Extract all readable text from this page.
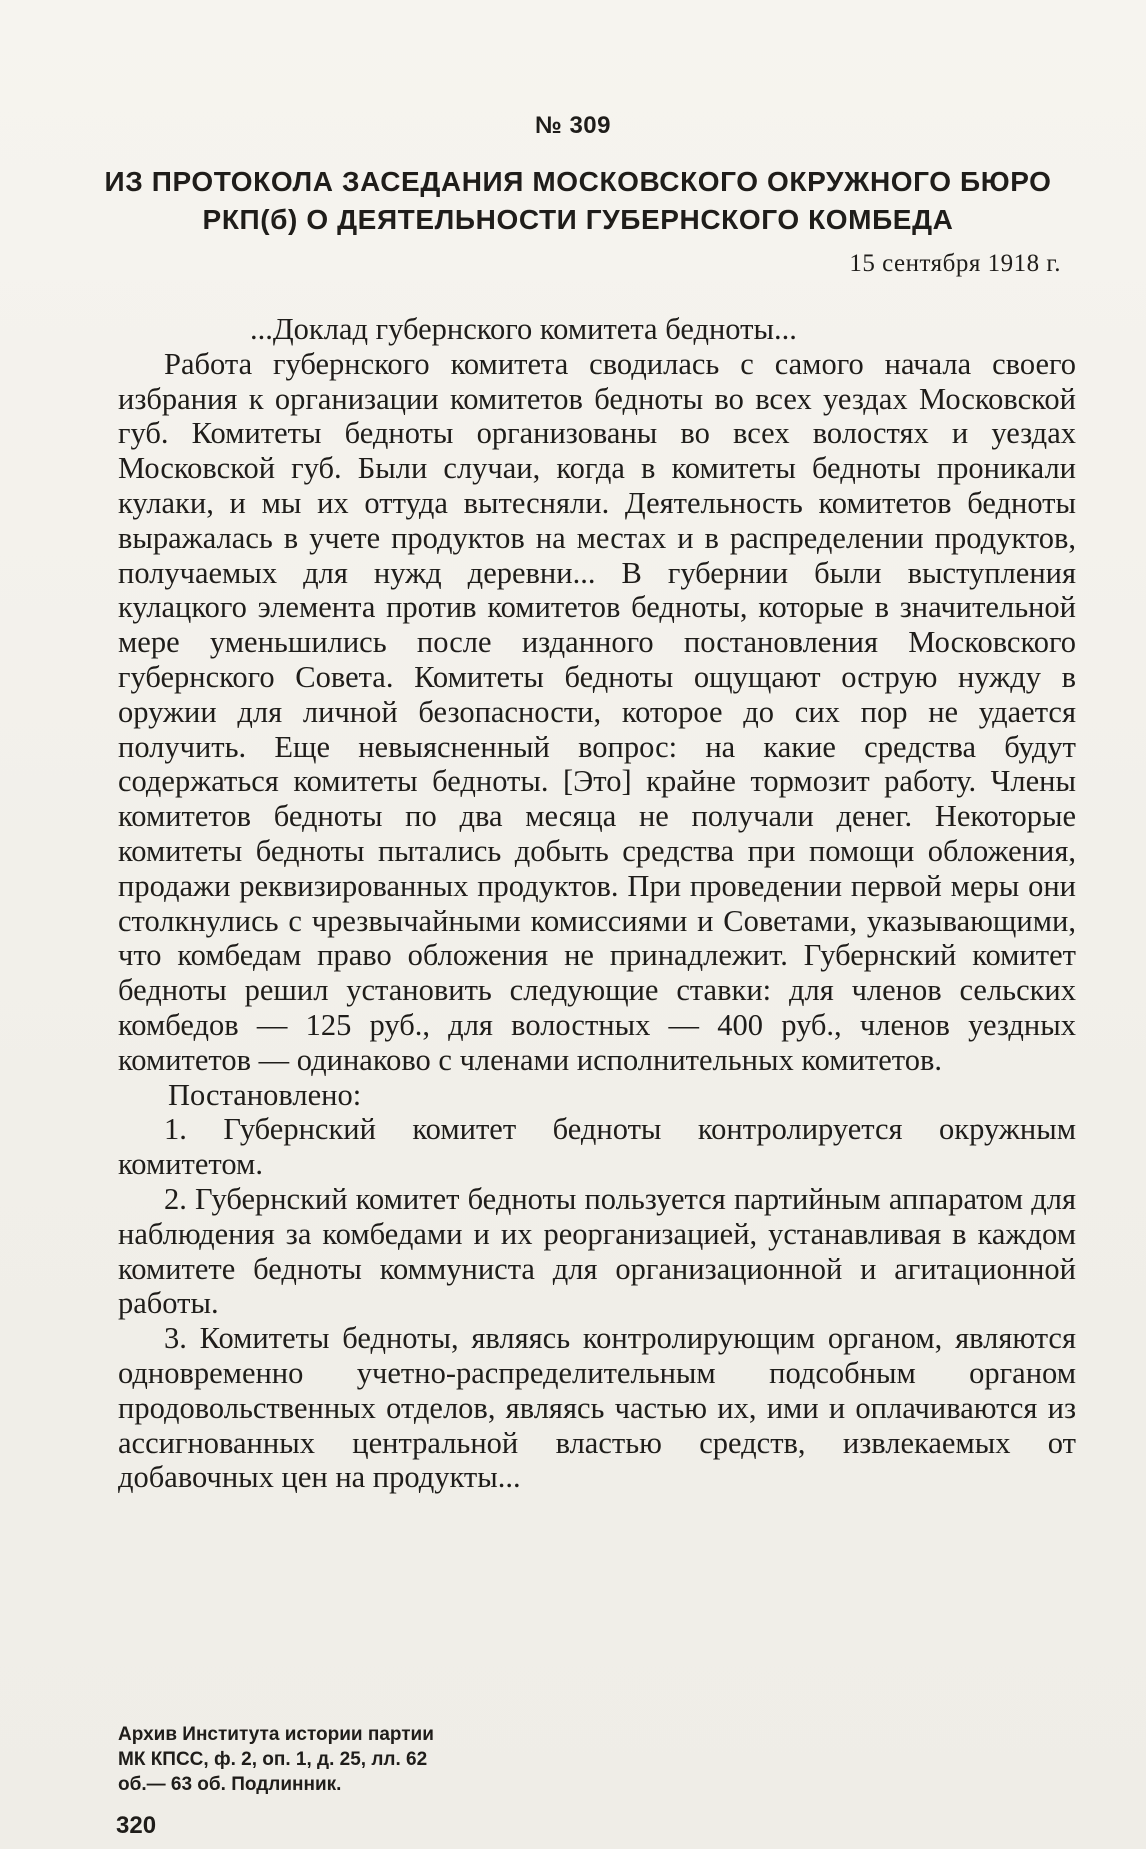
№ 309
ИЗ ПРОТОКОЛА ЗАСЕДАНИЯ МОСКОВСКОГО ОКРУЖНОГО БЮРО РКП(б) О ДЕЯТЕЛЬНОСТИ ГУБЕРНСКОГО КОМБЕДА
15 сентября 1918 г.

...Доклад губернского комитета бедноты...

Работа губернского комитета сводилась с самого начала своего избрания к организации комитетов бедноты во всех уездах Московской губ. Комитеты бедноты организованы во всех волостях и уездах Московской губ. Были случаи, когда в комитеты бедноты проникали кулаки, и мы их оттуда вытесняли. Деятельность комитетов бедноты выражалась в учете продуктов на местах и в распределении продуктов, получаемых для нужд деревни... В губернии были выступления кулацкого элемента против комитетов бедноты, которые в значительной мере уменьшились после изданного постановления Московского губернского Совета. Комитеты бедноты ощущают острую нужду в оружии для личной безопасности, которое до сих пор не удается получить. Еще невыясненный вопрос: на какие средства будут содержаться комитеты бедноты. [Это] крайне тормозит работу. Члены комитетов бедноты по два месяца не получали денег. Некоторые комитеты бедноты пытались добыть средства при помощи обложения, продажи реквизированных продуктов. При проведении первой меры они столкнулись с чрезвычайными комиссиями и Советами, указывающими, что комбедам право обложения не принадлежит. Губернский комитет бедноты решил установить следующие ставки: для членов сельских комбедов — 125 руб., для волостных — 400 руб., членов уездных комитетов — одинаково с членами исполнительных комитетов.

Постановлено:

1. Губернский комитет бедноты контролируется окружным комитетом.

2. Губернский комитет бедноты пользуется партийным аппаратом для наблюдения за комбедами и их реорганизацией, устанавливая в каждом комитете бедноты коммуниста для организационной и агитационной работы.

3. Комитеты бедноты, являясь контролирующим органом, являются одновременно учетно-распределительным подсобным органом продовольственных отделов, являясь частью их, ими и оплачиваются из ассигнованных центральной властью средств, извлекаемых от добавочных цен на продукты...

Архив Института истории партии
МК КПСС, ф. 2, оп. 1, д. 25, лл. 62
об.— 63 об. Подлинник.
320
